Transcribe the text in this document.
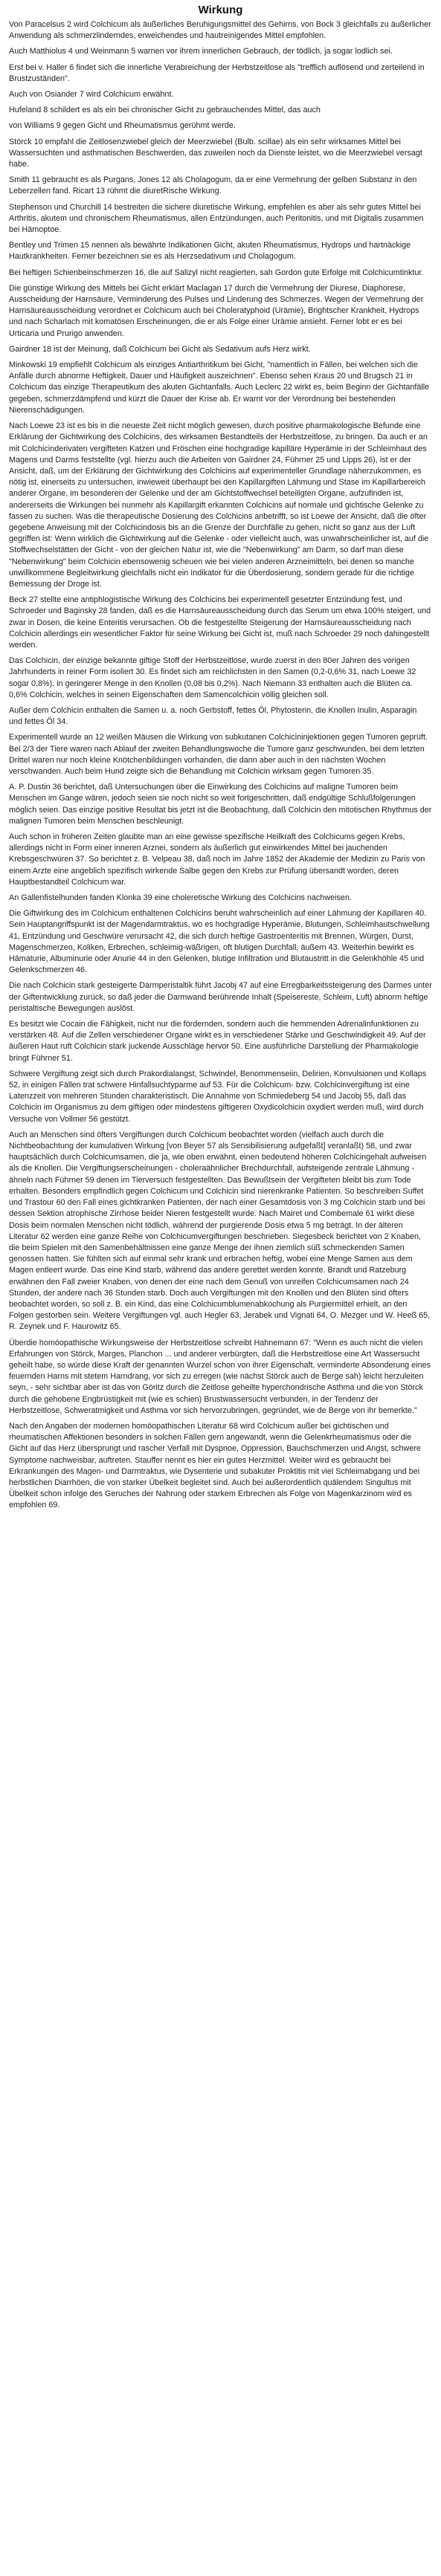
Wirkung

Von Paracelsus 2 wird Colchicum als äußerliches Beruhigungsmittel des Gehirns, von Bock 3 gleichfalls zu äußerlicher Anwendung als schmerzlinderndes, erweichendes und hautreinigendes Mittel empfohlen.

Auch Matthiolus 4 und Weinmann 5 warnen vor ihrem innerlichen Gebrauch, der tödlich, ja sogar lodlich sei.

Erst bei v. Haller 6 findet sich die innerliche Verabreichung der Herbstzeitlose als "trefflich auflösend und zerteilend in Brustzuständen".

Auch von Osiander 7 wird Colchicum erwähnt.

Hufeland 8 schildert es als ein bei chronischer Gicht zu gebrauchendes Mittel, das auch

von Williams 9 gegen Gicht und Rheumatismus gerühmt werde.

Störck 10 empfahl die Zeitlosenzwiebel gleich der Meerzwiebel (Bulb. scillae) als ein sehr wirksames Mittel bei Wassersuchten und asthmatischen Beschwerden, das zuweilen noch da Dienste leistet, wo die Meerzwiebel versagt habe.

Smith 11 gebraucht es als Purgans, Jones 12 als Cholagogum, da er eine Vermehrung der gelben Substanz in den Leberzellen fand. Ricart 13 rühmt die diuretRische Wirkung.

Stephenson und Churchill 14 bestreiten die sichere diuretische Wirkung, empfehlen es aber als sehr gutes Mittel bei Arthritis, akutem und chronischem Rheumatismus, allen Entzündungen, auch Peritonitis, und mit Digitalis zusammen bei Hämoptoe.

Bentley und Trimen 15 nennen als bewährte Indikationen Gicht, akuten Rheumatismus, Hydrops und hartnäckige Hautkrankheiten. Ferner bezeichnen sie es als Herzsedativum und Cholagogum.

Bei heftigen Schienbeinschmerzen 16, die auf Salizyl nicht reagierten, sah Gordon gute Erfolge mit Colchicumtinktur.

Die günstige Wirkung des Mittels bei Gicht erklärt Maclagan 17 durch die Vermehrung der Diurese, Diaphorese, Ausscheidung der Harnsäure, Verminderung des Pulses und Linderung des Schmerzes. Wegen der Vermehrung der Harnsäureausscheidung verordnet er Colchicum auch bei Choleratyphoid (Urämie), Brightscher Krankheit, Hydrops und nach Scharlach mit komatösen Erscheinungen, die er als Folge einer Urämie ansieht. Ferner lobt er es bei Urticaria und Prurigo anwenden.

Gairdner 18 ist der Meinung, daß Colchicum bei Gicht als Sedativum aufs Herz wirkt.

Minkowski 19 empfiehlt Colchicum als einziges Antiarthritikum bei Gicht, "namentlich in Fällen, bei welchen sich die Anfälle durch abnorme Heftigkeit, Dauer und Häufigkeit auszeichnen". Ebenso sehen Kraus 20 und Brugsch 21 in Colchicum das einzige Therapeutikum des akuten Gichtanfalls. Auch Leclerc 22 wirkt es, beim Beginn der Gichtanfälle gegeben, schmerzdämpfend und kürzt die Dauer der Krise ab. Er warnt vor der Verordnung bei bestehenden Nierenschädigungen.

Nach Loewe 23 ist es bis in die neueste Zeit nicht möglich gewesen, durch positive pharmakologische Befunde eine Erklärung der Gichtwirkung des Colchicins, des wirksamen Bestandteils der Herbstzeitlose, zu bringen. Da auch er an mit Colchicinderivaten vergifteten Katzen und Fröschen eine hochgradige kapilläre Hyperämie in der Schleimhaut des Magens und Darms feststellte (vgl. hierzu auch die Arbeiten von Gairdner 24, Führner 25 und Lipps 26), ist er der Ansicht, daß, um der Erklärung der Gichtwirkung des Colchicins auf experimenteller Grundlage näherzukommen, es nötig ist, einerseits zu untersuchen, inwieweit überhaupt bei den Kapillargiften Lähmung und Stase im Kapillarbereich anderer Organe, im besonderen der Gelenke und der am Gichtstoffwechsel beteiligten Organe, aufzufinden ist, andererseits die Wirkungen bei nunmehr als Kapillargift erkannten Colchicins auf normale und gichtische Gelenke zu fassen zu suchen. Was die therapeutische Dosierung des Colchicins anbetrifft, so ist Loewe der Ansicht, daß die öfter gegebene Anweisung mit der Colchicindosis bis an die Grenze der Durchfälle zu gehen, nicht so ganz aus der Luft gegriffen ist: Wenn wirklich die Gichtwirkung auf die Gelenke - oder vielleicht auch, was unwahrscheinlicher ist, auf die Stoffwechselstätten der Gicht - von der gleichen Natur ist, wie die "Nebenwirkung" am Darm, so darf man diese "Nebenwirkung" beim Colchicin ebensowenig scheuen wie bei vielen anderen Arzneimitteln, bei denen so manche unwillkommene Begleitwirkung gleichfalls nicht ein Indikator für die Überdosierung, sondern gerade für die richtige Bemessung der Droge ist.

Beck 27 stellte eine antiphlogistische Wirkung des Colchicins bei experimentell gesetzter Entzündung fest, und Schroeder und Baginsky 28 fanden, daß es die Harnsäureausscheidung durch das Serum um etwa 100% steigert, und zwar in Dosen, die keine Enteritis verursachen. Ob die festgestellte Steigerung der Harnsäureausscheidung nach Colchicin allerdings ein wesentlicher Faktor für seine Wirkung bei Gicht ist, muß nach Schroeder 29 noch dahingestellt werden.

Das Colchicin, der einzige bekannte giftige Stoff der Herbstzeitlose, wurde zuerst in den 80er Jahren des vorigen Jahrhunderts in reiner Form isoliert 30. Es findet sich am reichlichsten in den Samen (0,2-0,6% 31, nach Loewe 32 sogar 0,8%), in geringerer Menge in den Knollen (0,08 bis 0,2%). Nach Niemann 33 enthalten auch die Blüten ca. 0,6% Colchicin, welches in seinen Eigenschaften dem Samencolchicin völlig gleichen soll.

Außer dem Colchicin enthalten die Samen u. a. noch Gerbstoff, fettes Öl, Phytosterin, die Knollen Inulin, Asparagin und fettes Öl 34.

Experimentell wurde an 12 weißen Mäusen die Wirkung von subkutanen Colchicininjektionen gegen Tumoren geprüft. Bei 2/3 der Tiere waren nach Ablauf der zweiten Behandlungswoche die Tumore ganz geschwunden, bei dem letzten Drittel waren nur noch kleine Knötchenbildungen vorhanden, die dann aber auch in den nächsten Wochen verschwanden. Auch beim Hund zeigte sich die Behandlung mit Colchicin wirksam gegen Tumoren 35.

A. P. Dustin 36 berichtet, daß Untersuchungen über die Einwirkung des Colchicins auf maligne Tumoren beim Menschen im Gange wären, jedoch seien sie noch nicht so weit fortgeschritten, daß endgültige Schlußfolgerungen möglich seien. Das einzige positive Resultat bis jetzt ist die Beobachtung, daß Colchicin den mitotischen Rhythmus der malignen Tumoren beim Menschen beschleunigt.

Auch schon in früheren Zeiten glaubte man an eine gewisse spezifische Heilkraft des Colchicums gegen Krebs, allerdings nicht in Form einer inneren Arznei, sondern als äußerlich gut einwirkendes Mittel bei jauchenden Krebsgeschwüren 37. So berichtet z. B. Velpeau 38, daß noch im Jahre 1852 der Akademie der Medizin zu Paris von einem Arzte eine angeblich spezifisch wirkende Salbe gegen den Krebs zur Prüfung übersandt worden, deren Hauptbestandteil Colchicum war.

An Gallenfistelhunden fanden Klonka 39 eine choleretische Wirkung des Colchicins nachweisen.

Die Giftwirkung des im Colchicum enthaltenen Colchicins beruht wahrscheinlich auf einer Lähmung der Kapillaren 40. Sein Hauptangriffspunkt ist der Magendarmtraktus, wo es hochgradige Hyperämie, Blutungen, Schleimhautschwellung 41, Entzündung und Geschwüre verursacht 42, die sich durch heftige Gastroenteritis mit Brennen, Würgen, Durst, Magenschmerzen, Koliken, Erbrechen, schleimig-wäßrigen, oft blutigen Durchfall, äußern 43. Weiterhin bewirkt es Hämaturie, Albuminurie oder Anurie 44 in den Gelenken, blutige Infiltration und Blutaustritt in die Gelenkhöhle 45 und Gelenkschmerzen 46.

Die nach Colchicin stark gesteigerte Darmperistaltik führt Jacobj 47 auf eine Erregbarkeitssteigerung des Darmes unter der Giftentwicklung zurück, so daß jeder die Darmwand berührende Inhalt (Speisereste, Schleim, Luft) abnorm heftige peristaltische Bewegungen auslöst.

Es besitzt wie Cocain die Fähigkeit, nicht nur die fördernden, sondern auch die hemmenden Adrenalinfunktionen zu verstärken 48. Auf die Zellen verschiedener Organe wirkt es in verschiedener Stärke und Geschwindigkeit 49. Auf der äußeren Haut ruft Colchicin stark juckende Ausschläge hervor 50. Eine ausführliche Darstellung der Pharmakologie bringt Führner 51.

Schwere Vergiftung zeigt sich durch Prakordialangst, Schwindel, Benommenseiin, Delirien, Konvulsionen und Kollaps 52, in einigen Fällen trat schwere Hinfallsuchtyparme auf 53. Für die Colchicum- bzw. Colchicinvergiftung ist eine Latenzzeit von mehreren Stunden charakteristisch. Die Annahme von Schmiedeberg 54 und Jacobj 55, daß das Colchicin im Organismus zu dem giftigen oder mindestens giftigeren Oxydicolchicin oxydiert werden muß, wird durch Versuche von Vollmer 56 gestützt.

Auch an Menschen sind öfters Vergiftungen durch Colchicum beobachtet worden (vielfach auch durch die Nichtbeobachtung der kumulativen Wirkung [von Beyer 57 als Sensibilisierung aufgefaßt] veranlaßt) 58, und zwar hauptsächlich durch Colchicumsamen, die ja, wie oben erwähnt, einen bedeutend höheren Colchicingehalt aufweisen als die Knollen. Die Vergiftungserscheinungen - choleraähnlicher Brechdurchfall, aufsteigende zentrale Lähmung - ähneln nach Führner 59 denen im Tierversuch festgestellten. Das Bewußtsein der Vergifteten bleibt bis zum Tode erhalten. Besonders empfindlich gegen Colchicum und Colchicin sind nierenkranke Patienten. So beschreiben Suffet und Trastour 60 den Fall eines gichtkranken Patienten, der nach einer Gesamtdosis von 3 mg Colchicin starb und bei dessen Sektion atrophische Zirrhose beider Nieren festgestellt wurde. Nach Mairet und Combemale 61 wirkt diese Dosis beim normalen Menschen nicht tödlich, während der purgierende Dosis etwa 5 mg beträgt. In der älteren Literatur 62 werden eine ganze Reihe von Colchicumvergiftungen beschrieben. Siegesbeck berichtet von 2 Knaben, die beim Spielen mit den Samenbehältnissen eine ganze Menge der ihnen ziemlich süß schmeckenden Samen genossen hatten. Sie fühlten sich auf einmal sehr krank und erbrachen heftig, wobei eine Menge Samen aus dem Magen entleert wurde. Das eine Kind starb, während das andere gerettet werden konnte. Brandt und Ratzeburg erwähnen den Fall zweier Knaben, von denen der eine nach dem Genuß von unreifen Colchicumsamen nach 24 Stunden, der andere nach 36 Stunden starb. Doch auch Vergiftungen mit den Knollen und den Blüten sind öfters beobachtet worden, so soll z. B. ein Kind, das eine Colchicumblumenabkochung als Purgiermittel erhielt, an den Folgen gestorben sein. Weitere Vergiftungen vgl. auch Hegler 63, Jerabek und Vignati 64, O. Mezger und W. Heeß 65, R. Zeynek und F. Haurowitz 65.

Überdie homöopathische Wirkungsweise der Herbstzeitlose schreibt Hahnemann 67: "Wenn es auch nicht die vielen Erfahrungen von Störck, Marges, Planchon ... und anderer verbürgten, daß die Herbstzeitlose eine Art Wassersucht geheilt habe, so würde diese Kraft der genannten Wurzel schon von ihrer Eigenschaft, verminderte Absonderung eines feuernden Harns mit stetem Harndrang, vor sich zu erregen (wie nächst Störck auch de Berge sah) leicht herzuleiten seyn, - sehr sichtbar aber ist das von Göritz durch die Zeitlose geheilte hyperchondrische Asthma und die von Störck durch die gehobene Engbrüstigkeit mit (wie es schien) Brustwassersucht verbunden, in der Tendenz der Herbstzeitlose, Schweratmigkeit und Asthma vor sich hervorzubringen, gegründet, wie de Berge von ihr bemerkte."

Nach den Angaben der modernen homöopathischen Literatur 68 wird Colchicum außer bei gichtischen und rheumatischen Affektionen besonders in solchen Fällen gern angewandt, wenn die Gelenkrheumatismus oder die Gicht auf das Herz übersprungt und rascher Verfall mit Dyspnoe, Oppression, Bauchschmerzen und Angst, schwere Symptome nachweisbar, auftreten. Stauffer nennt es hier ein gutes Herzmittel. Weiter wird es gebraucht bei Erkrankungen des Magen- und Darmtraktus, wie Dysenterie und subakuter Proktitis mit viel Schleimabgang und bei herbstlichen Diarrhöen, die von starker Übelkeit begleitet sind. Auch bei außerordentlich quälendem Singultus mit Übelkeit schon infolge des Geruches der Nahrung oder starkem Erbrechen als Folge von Magenkarzinom wird es empfohlen 69.
